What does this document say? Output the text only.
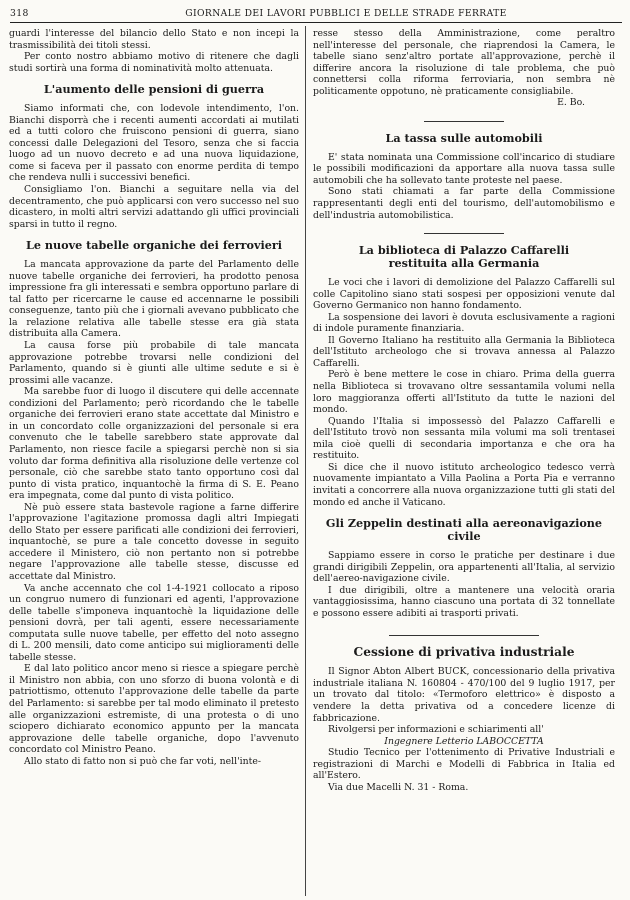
318	GIORNALE DEI LAVORI PUBBLICI E DELLE STRADE FERRATE

guardi l'interesse del bilancio dello Stato e non incepi la trasmissibilità dei titoli stessi.

Per conto nostro abbiamo motivo di ritenere che dagli studi sortirà una forma di nominatività molto attenuata.

L'aumento delle pensioni di guerra

Siamo informati che, con lodevole intendimento, l'on. Bianchi disporrà che i recenti aumenti accordati ai mutilati ed a tutti coloro che fruiscono pensioni di guerra, siano concessi dalle Delegazioni del Tesoro, senza che si faccia luogo ad un nuovo decreto e ad una nuova liquidazione, come si faceva per il passato con enorme perdita di tempo che rendeva nulli i successivi benefici.

Consigliamo l'on. Bianchi a seguitare nella via del decentramento, che può applicarsi con vero successo nel suo dicastero, in molti altri servizi adattando gli uffici provinciali sparsi in tutto il regno.

Le nuove tabelle organiche dei ferrovieri

La mancata approvazione da parte del Parlamento delle nuove tabelle organiche dei ferrovieri, ha prodotto penosa impressione fra gli interessati e sembra opportuno parlare di tal fatto per ricercarne le cause ed accennarne le possibili conseguenze, tanto più che i giornali avevano pubblicato che la relazione relativa alle tabelle stesse era già stata distribuita alla Camera.

La causa forse più probabile di tale mancata approvazione potrebbe trovarsi nelle condizioni del Parlamento, quando si è giunti alle ultime sedute e si è prossimi alle vacanze.

Ma sarebbe fuor di luogo il discutere qui delle accennate condizioni del Parlamento; però ricordando che le tabelle organiche dei ferrovieri erano state accettate dal Ministro e in un concordato colle organizzazioni del personale si era convenuto che le tabelle sarebbero state approvate dal Parlamento, non riesce facile a spiegarsi perchè non si sia voluto dar forma definitiva alla risoluzione delle vertenze col personale, ciò che sarebbe stato tanto opportuno così dal punto di vista pratico, inquantochè la firma di S. E. Peano era impegnata, come dal punto di vista politico.

Nè può essere stata bastevole ragione a farne differire l'approvazione l'agitazione promossa dagli altri Impiegati dello Stato per essere parificati alle condizioni dei ferrovieri, inquantochè, se pure a tale concetto dovesse in seguito accedere il Ministero, ciò non pertanto non si potrebbe negare l'approvazione alle tabelle stesse, discusse ed accettate dal Ministro.

Va anche accennato che col 1-4-1921 collocato a riposo un congruo numero di funzionari ed agenti, l'approvazione delle tabelle s'imponeva inquantochè la liquidazione delle pensioni dovrà, per tali agenti, essere necessariamente computata sulle nuove tabelle, per effetto del noto assegno di L. 200 mensili, dato come anticipo sui miglioramenti delle tabelle stesse.

E dal lato politico ancor meno si riesce a spiegare perchè il Ministro non abbia, con uno sforzo di buona volontà e di patriottismo, ottenuto l'approvazione delle tabelle da parte del Parlamento: si sarebbe per tal modo eliminato il pretesto alle organizzazioni estremiste, di una protesta o di uno sciopero dichiarato economico appunto per la mancata approvazione delle tabelle organiche, dopo l'avvenuto concordato col Ministro Peano.

Allo stato di fatto non si può che far voti, nell'inte-

resse stesso della Amministrazione, come peraltro nell'interesse del personale, che riaprendosi la Camera, le tabelle siano senz'altro portate all'approvazione, perchè il differire ancora la risoluzione di tale problema, che può connettersi colla riforma ferroviaria, non sembra nè politicamente oppotuno, nè praticamente consigliabile.

E. Bo.

La tassa sulle automobili

E' stata nominata una Commissione coll'incarico di studiare le possibili modificazioni da apportare alla nuova tassa sulle automobili che ha sollevato tante proteste nel paese.

Sono stati chiamati a far parte della Commissione rappresentanti degli enti del tourismo, dell'automobilismo e dell'industria automobilistica.

La biblioteca di Palazzo Caffarelli
restituita alla Germania

Le voci che i lavori di demolizione del Palazzo Caffarelli sul colle Capitolino siano stati sospesi per opposizioni venute dal Governo Germanico non hanno fondamento.

La sospensione dei lavori è dovuta esclusivamente a ragioni di indole puramente finanziaria.

Il Governo Italiano ha restituito alla Germania la Biblioteca dell'Istituto archeologo che si trovava annessa al Palazzo Caffarelli.

Però è bene mettere le cose in chiaro. Prima della guerra nella Biblioteca si trovavano oltre sessantamila volumi nella loro maggioranza offerti all'Istituto da tutte le nazioni del mondo.

Quando l'Italia si impossessò del Palazzo Caffarelli e dell'Istituto trovò non sessanta mila volumi ma soli trentasei mila cioè quelli di secondaria importanza e che ora ha restituito.

Si dice che il nuovo istituto archeologico tedesco verrà nuovamente impiantato a Villa Paolina a Porta Pia e verranno invitati a concorrere alla nuova organizzazione tutti gli stati del mondo ed anche il Vaticano.

Gli Zeppelin destinati alla aereonavigazione civile

Sappiamo essere in corso le pratiche per destinare i due grandi dirigibili Zeppelin, ora appartenenti all'Italia, al servizio dell'aereo-navigazione civile.

I due dirigibili, oltre a mantenere una velocità oraria vantaggiosissima, hanno ciascuno una portata di 32 tonnellate e possono essere adibiti ai trasporti privati.

Cessione di privativa industriale

Il Signor Abton Albert BUCK, concessionario della privativa industriale italiana N. 160804 - 470/100 del 9 luglio 1917, per un trovato dal titolo: «Termoforo elettrico» è disposto a vendere la detta privativa od a concedere licenze di fabbricazione.

Rivolgersi per informazioni e schiarimenti all'

Ingegnere Letterio LABOCCETTA

Studio Tecnico per l'ottenimento di Privative Industriali e registrazioni di Marchi e Modelli di Fabbrica in Italia ed all'Estero.

Via due Macelli N. 31 - Roma.
